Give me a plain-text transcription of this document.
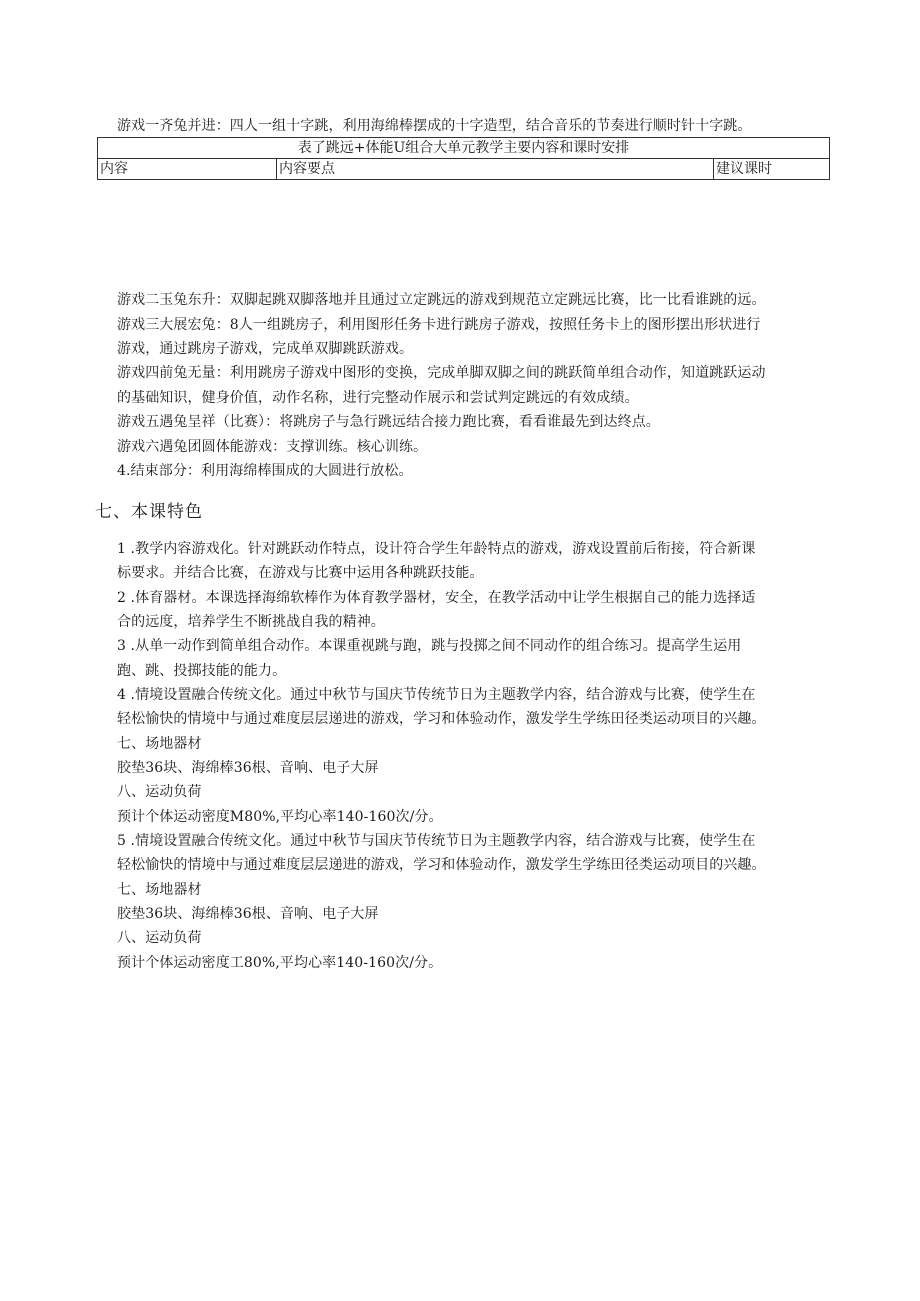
游戏一齐兔并进：四人一组十字跳，利用海绵棒摆成的十字造型，结合音乐的节奏进行顺时针十字跳。
表了跳远+体能U组合大单元教学主要内容和课时安排
内容	内容要点	建议课时
游戏二玉兔东升：双脚起跳双脚落地并且通过立定跳远的游戏到规范立定跳远比赛，比一比看谁跳的远。
游戏三大展宏兔：8人一组跳房子，利用图形任务卡进行跳房子游戏，按照任务卡上的图形摆出形状进行
游戏，通过跳房子游戏，完成单双脚跳跃游戏。
游戏四前兔无量：利用跳房子游戏中图形的变换，完成单脚双脚之间的跳跃简单组合动作，知道跳跃运动
的基础知识，健身价值，动作名称，进行完整动作展示和尝试判定跳远的有效成绩。
游戏五遇兔呈祥（比赛）：将跳房子与急行跳远结合接力跑比赛，看看谁最先到达终点。
游戏六遇兔团圆体能游戏：支撑训练。核心训练。
4.结束部分：利用海绵棒围成的大圆进行放松。
七、本课特色
1 .教学内容游戏化。针对跳跃动作特点，设计符合学生年龄特点的游戏，游戏设置前后衔接，符合新课
标要求。并结合比赛，在游戏与比赛中运用各种跳跃技能。
2 .体育器材。本课选择海绵软棒作为体育教学器材，安全，在教学活动中让学生根据自己的能力选择适
合的远度，培养学生不断挑战自我的精神。
3 .从单一动作到简单组合动作。本课重视跳与跑，跳与投掷之间不同动作的组合练习。提高学生运用
跑、跳、投掷技能的能力。
4 .情境设置融合传统文化。通过中秋节与国庆节传统节日为主题教学内容，结合游戏与比赛，使学生在
轻松愉快的情境中与通过难度层层递进的游戏，学习和体验动作，激发学生学练田径类运动项目的兴趣。
七、场地器材
胶垫36块、海绵棒36根、音响、电子大屏
八、运动负荷
预计个体运动密度M80%,平均心率140-160次/分。
5 .情境设置融合传统文化。通过中秋节与国庆节传统节日为主题教学内容，结合游戏与比赛，使学生在
轻松愉快的情境中与通过难度层层递进的游戏，学习和体验动作，激发学生学练田径类运动项目的兴趣。
七、场地器材
胶垫36块、海绵棒36根、音响、电子大屏
八、运动负荷
预计个体运动密度工80%,平均心率140-160次/分。
